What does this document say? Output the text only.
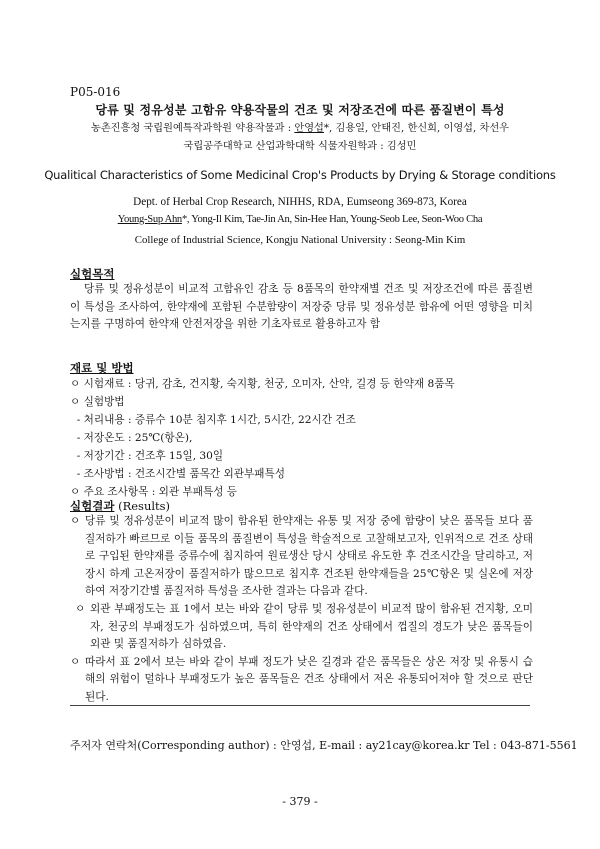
P05-016
당류 및 정유성분 고함유 약용작물의 건조 및 저장조건에 따른 품질변이 특성
농촌진흥청 국립원예특작과학원 약용작물과 : 안영섭*, 김용일, 안태진, 한신희, 이영섭, 차선우
국립공주대학교 산업과학대학 식물자원학과 : 김성민
Qualitical Characteristics of Some Medicinal Crop's Products by Drying & Storage conditions
Dept. of Herbal Crop Research, NIHHS, RDA, Eumseong 369-873, Korea
Young-Sup Ahn*, Yong-Il Kim, Tae-Jin An, Sin-Hee Han, Young-Seob Lee, Seon-Woo Cha
College of Industrial Science, Kongju National University : Seong-Min Kim
실험목적
당류 및 정유성분이 비교적 고함유인 감초 등 8품목의 한약재별 건조 및 저장조건에 따른 품질변이 특성을 조사하여, 한약재에 포함된 수분함량이 저장중 당류 및 정유성분 함유에 어떤 영향을 미치는지를 구명하여 한약재 안전저장을 위한 기초자료로 활용하고자 함
재료 및 방법
ㅇ 시험재료 : 당귀, 감초, 건지황, 숙지황, 천궁, 오미자, 산약, 길경 등 한약재 8품목
ㅇ 실험방법
- 처리내용 : 증류수 10분 침지후 1시간, 5시간, 22시간 건조
- 저장온도 : 25℃(항온),
- 저장기간 : 건조후 15일, 30일
- 조사방법 : 건조시간별 품목간 외관부패특성
ㅇ 주요 조사항목 : 외관 부패특성 등
실험결과 (Results)
ㅇ 당류 및 정유성분이 비교적 많이 함유된 한약재는 유통 및 저장 중에 함량이 낮은 품목들 보다 품질저하가 빠르므로 이들 품목의 품질변이 특성을 학술적으로 고찰해보고자, 인위적으로 건조 상태로 구입된 한약재를 증류수에 침지하여 원료생산 당시 상태로 유도한 후 건조시간을 달리하고, 저장시 하계 고온저장이 품질저하가 많으므로 침지후 건조된 한약재들을 25℃항온 및 실온에 저장하여 저장기간별 품질저하 특성을 조사한 결과는 다음과 같다.
ㅇ 외관 부패정도는 표 1에서 보는 바와 같이 당류 및 정유성분이 비교적 많이 함유된 건지황, 오미자, 천궁의 부패정도가 심하였으며, 특히 한약재의 건조 상태에서 껍질의 경도가 낮은 품목들이 외관 및 품질저하가 심하였음.
ㅇ 따라서 표 2에서 보는 바와 같이 부패 정도가 낮은 길경과 같은 품목들은 상온 저장 및 유통시 습해의 위험이 덜하나 부패정도가 높은 품목들은 건조 상태에서 저온 유통되어져야 할 것으로 판단된다.
주저자 연락처(Corresponding author) : 안영섭, E-mail : ay21cay@korea.kr Tel : 043-871-5561
- 379 -
